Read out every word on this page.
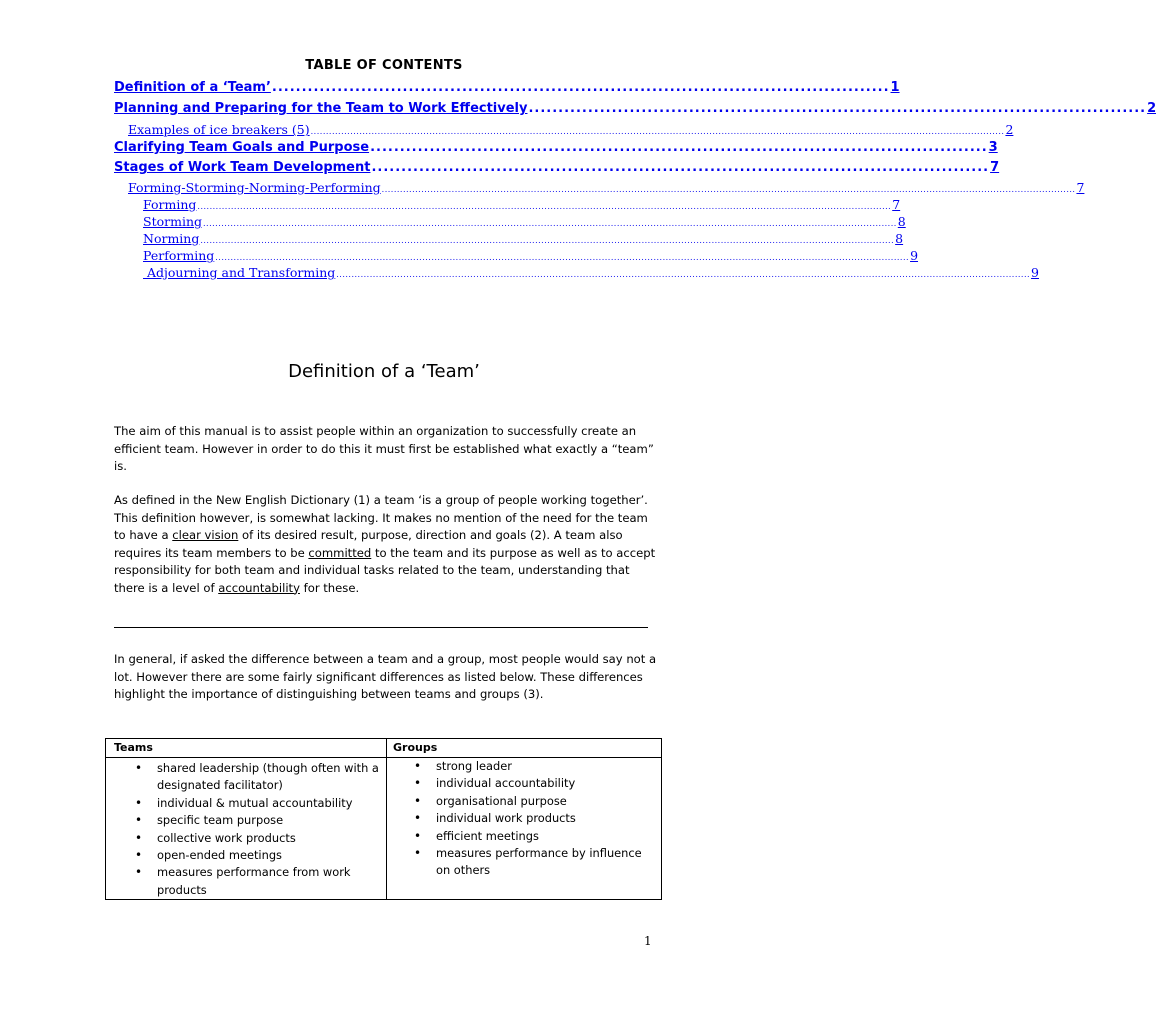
TABLE OF CONTENTS
Definition of a ‘Team’ ........................................................................................................ 1
Planning and Preparing for the Team to Work Effectively ........................................................................................................ 2
Examples of ice breakers (5) .................................................................................................................................................................................................................................... 2
Clarifying Team Goals and Purpose ........................................................................................................ 3
Stages of Work Team Development ........................................................................................................ 7
Forming-Storming-Norming-Performing .................................................................................................................................................................................................................................... 7
Forming .................................................................................................................................................................................................................................... 7
Storming .................................................................................................................................................................................................................................... 8
Norming .................................................................................................................................................................................................................................... 8
Performing .................................................................................................................................................................................................................................... 9
Adjourning and Transforming .................................................................................................................................................................................................................................... 9
Definition of a ‘Team’
The aim of this manual is to assist people within an organization to successfully create an efficient team. However in order to do this it must first be established what exactly a “team” is.
As defined in the New English Dictionary (1) a team ‘is a group of people working together’. This definition however, is somewhat lacking. It makes no mention of the need for the team to have a clear vision of its desired result, purpose, direction and goals (2). A team also requires its team members to be committed to the team and its purpose as well as to accept responsibility for both team and individual tasks related to the team, understanding that there is a level of accountability for these.
In general, if asked the difference between a team and a group, most people would say not a lot. However there are some fairly significant differences as listed below. These differences highlight the importance of distinguishing between teams and groups (3).
Teams	Groups
• shared leadership (though often with a designated facilitator)
• individual & mutual accountability
• specific team purpose
• collective work products
• open-ended meetings
• measures performance from work products
• strong leader
• individual accountability
• organisational purpose
• individual work products
• efficient meetings
• measures performance by influence on others
1
